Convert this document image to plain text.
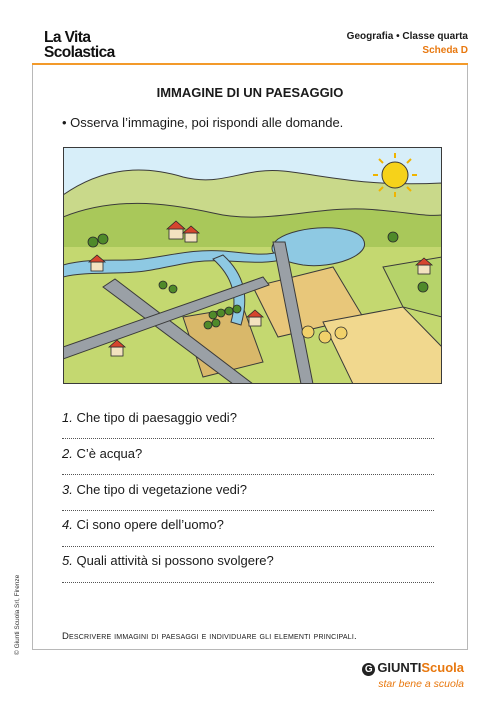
La Vita
Scolastica
Geografia • Classe quarta
Scheda D
IMMAGINE DI UN PAESAGGIO
• Osserva l’immagine, poi rispondi alle domande.
1. Che tipo di paesaggio vedi?
2. C’è acqua?
3. Che tipo di vegetazione vedi?
4. Ci sono opere dell’uomo?
5. Quali attività si possono svolgere?
Descrivere immagini di paesaggi e individuare gli elementi principali.
© Giunti Scuola Srl, Firenze
G GIUNTIScuola
star bene a scuola
